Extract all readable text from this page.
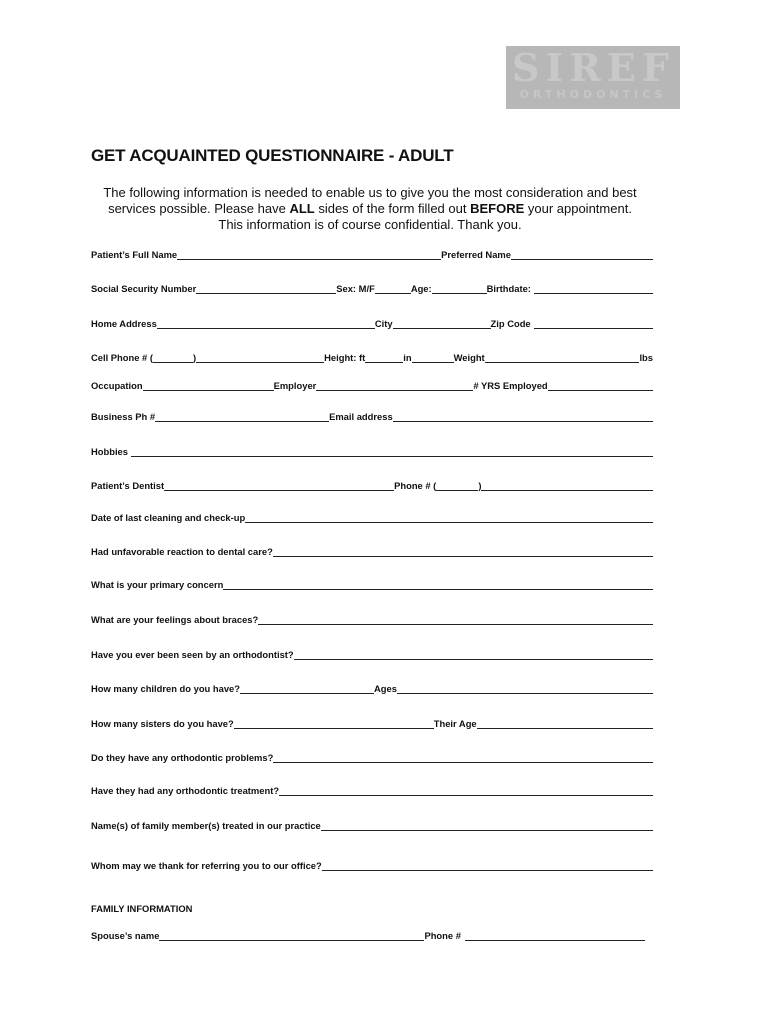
SIREF
ORTHODONTICS
GET ACQUAINTED QUESTIONNAIRE - ADULT
The following information is needed to enable us to give you the most consideration and best
services possible. Please have ALL sides of the form filled out BEFORE your appointment.
This information is of course confidential. Thank you.
Patient’s Full Name	Preferred Name
Social Security Number	Sex: M/F	Age:	Birthdate:
Home Address	City	Zip Code
Cell Phone # (	)	Height: ft	in	Weight	lbs
Occupation	Employer	# YRS Employed
Business Ph #	Email address
Hobbies
Patient’s Dentist	Phone # (	)
Date of last cleaning and check-up
Had unfavorable reaction to dental care?
What is your primary concern
What are your feelings about braces?
Have you ever been seen by an orthodontist?
How many children do you have?	Ages
How many sisters do you have?	Their Age
Do they have any orthodontic problems?
Have they had any orthodontic treatment?
Name(s) of family member(s) treated in our practice
Whom may we thank for referring you to our office?
FAMILY INFORMATION
Spouse’s name	Phone #
